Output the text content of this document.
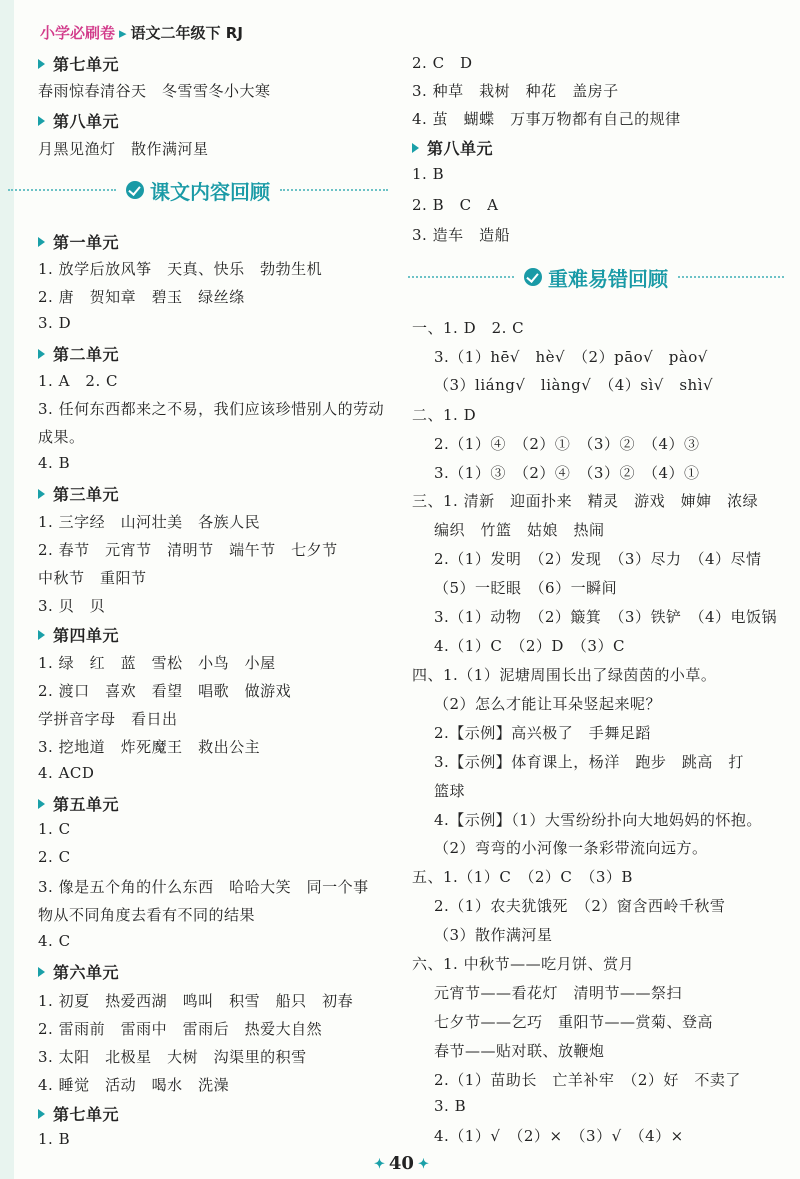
小学必刷卷 ▸ 语文二年级下 RJ
第七单元
春雨惊春清谷天　冬雪雪冬小大寒
第八单元
月黑见渔灯　散作满河星
课文内容回顾
第一单元
1. 放学后放风筝　天真、快乐　勃勃生机
2. 唐　贺知章　碧玉　绿丝绦
3. D
第二单元
1. A　2. C
3. 任何东西都来之不易，我们应该珍惜别人的劳动
成果。
4. B
第三单元
1. 三字经　山河壮美　各族人民
2. 春节　元宵节　清明节　端午节　七夕节
中秋节　重阳节
3. 贝　贝
第四单元
1. 绿　红　蓝　雪松　小鸟　小屋
2. 渡口　喜欢　看望　唱歌　做游戏
学拼音字母　看日出
3. 挖地道　炸死魔王　救出公主
4. ACD
第五单元
1. C
2. C
3. 像是五个角的什么东西　哈哈大笑　同一个事
物从不同角度去看有不同的结果
4. C
第六单元
1. 初夏　热爱西湖　鸣叫　积雪　船只　初春
2. 雷雨前　雷雨中　雷雨后　热爱大自然
3. 太阳　北极星　大树　沟渠里的积雪
4. 睡觉　活动　喝水　洗澡
第七单元
1. B
2. C　D
3. 种草　栽树　种花　盖房子
4. 茧　蝴蝶　万事万物都有自己的规律
第八单元
1. B
2. B　C　A
3. 造车　造船
重难易错回顾
一、1. D　2. C
3.（1）hē√　hè√　（2）pāo√　pào√
（3）liáng√　liàng√　（4）sì√　shì√
二、1. D
2.（1）④　（2）①　（3）②　（4）③
3.（1）③　（2）④　（3）②　（4）①
三、1. 清新　迎面扑来　精灵　游戏　婶婶　浓绿
编织　竹篮　姑娘　热闹
2.（1）发明　（2）发现　（3）尽力　（4）尽情
（5）一眨眼　（6）一瞬间
3.（1）动物　（2）簸箕　（3）铁铲　（4）电饭锅
4.（1）C　（2）D　（3）C
四、1.（1）泥塘周围长出了绿茵茵的小草。
（2）怎么才能让耳朵竖起来呢？
2.【示例】高兴极了　手舞足蹈
3.【示例】体育课上，杨洋　跑步　跳高　打
篮球
4.【示例】（1）大雪纷纷扑向大地妈妈的怀抱。
（2）弯弯的小河像一条彩带流向远方。
五、1.（1）C　（2）C　（3）B
2.（1）农夫犹饿死　（2）窗含西岭千秋雪
（3）散作满河星
六、1. 中秋节——吃月饼、赏月
元宵节——看花灯　清明节——祭扫
七夕节——乞巧　重阳节——赏菊、登高
春节——贴对联、放鞭炮
2.（1）苗助长　亡羊补牢　（2）好　不卖了
3. B
4.（1）√　（2）×　（3）√　（4）×
✦ 40 ✦
